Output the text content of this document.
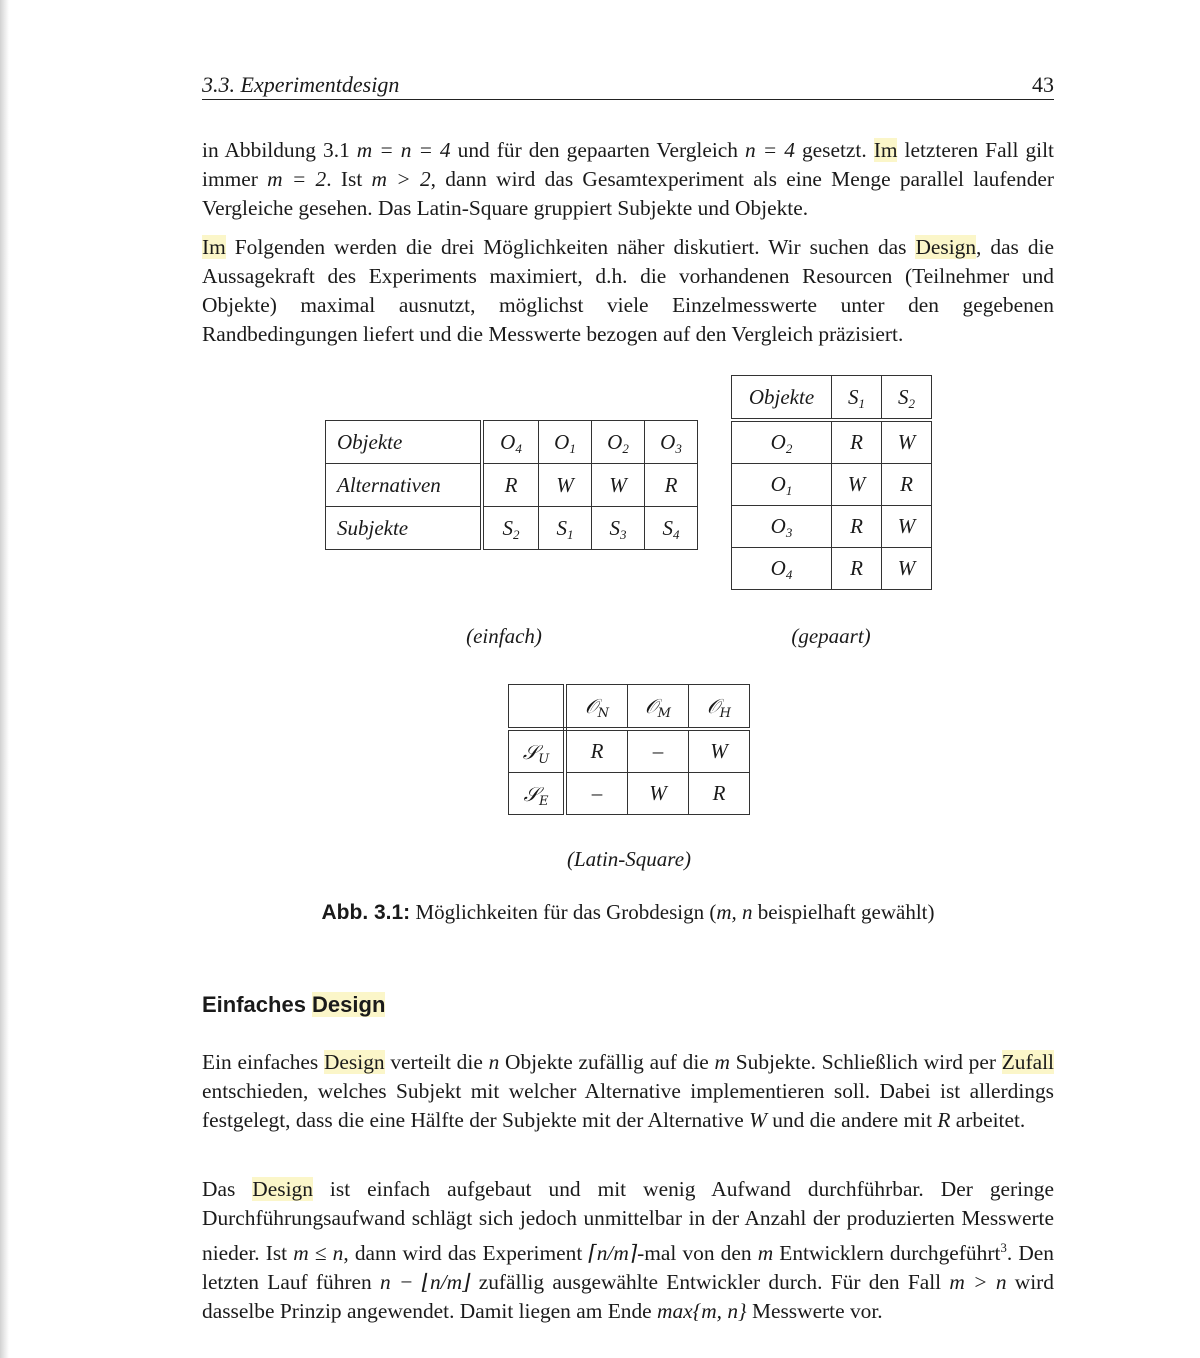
3.3. Experimentdesign	43

in Abbildung 3.1 m = n = 4 und für den gepaarten Vergleich n = 4 gesetzt. Im letzteren Fall gilt immer m = 2. Ist m > 2, dann wird das Gesamtexperiment als eine Menge parallel laufender Vergleiche gesehen. Das Latin-Square gruppiert Subjekte und Objekte.

Im Folgenden werden die drei Möglichkeiten näher diskutiert. Wir suchen das Design, das die Aussagekraft des Experiments maximiert, d.h. die vorhandenen Resourcen (Teilnehmer und Objekte) maximal ausnutzt, möglichst viele Einzelmesswerte unter den gegebenen Randbedingungen liefert und die Messwerte bezogen auf den Vergleich präzisiert.

Objekte	$O_4$	$O_1$	$O_2$	$O_3$
Alternativen	R	W	W	R
Subjekte	$S_2$	$S_1$	$S_3$	$S_4$
(einfach)
Objekte	$S_1$	$S_2$
$O_2$	R	W
$O_1$	W	R
$O_3$	R	W
$O_4$	R	W
(gepaart)
	𝒪$_N$	𝒪$_M$	𝒪$_H$
𝒮$_U$	R	–	W
𝒮$_E$	–	W	R
(Latin-Square)
Abb. 3.1: Möglichkeiten für das Grobdesign (m, n beispielhaft gewählt)
Einfaches Design

Ein einfaches Design verteilt die n Objekte zufällig auf die m Subjekte. Schließlich wird per Zufall entschieden, welches Subjekt mit welcher Alternative implementieren soll. Dabei ist allerdings festgelegt, dass die eine Hälfte der Subjekte mit der Alternative W und die andere mit R arbeitet.

Das Design ist einfach aufgebaut und mit wenig Aufwand durchführbar. Der geringe Durchführungsaufwand schlägt sich jedoch unmittelbar in der Anzahl der produzierten Messwerte nieder. Ist m ≤ n, dann wird das Experiment ⌈n/m⌉-mal von den m Entwicklern durchgeführt$^3$. Den letzten Lauf führen n − ⌊n/m⌋ zufällig ausgewählte Entwickler durch. Für den Fall m > n wird dasselbe Prinzip angewendet. Damit liegen am Ende max{m, n} Messwerte vor.
